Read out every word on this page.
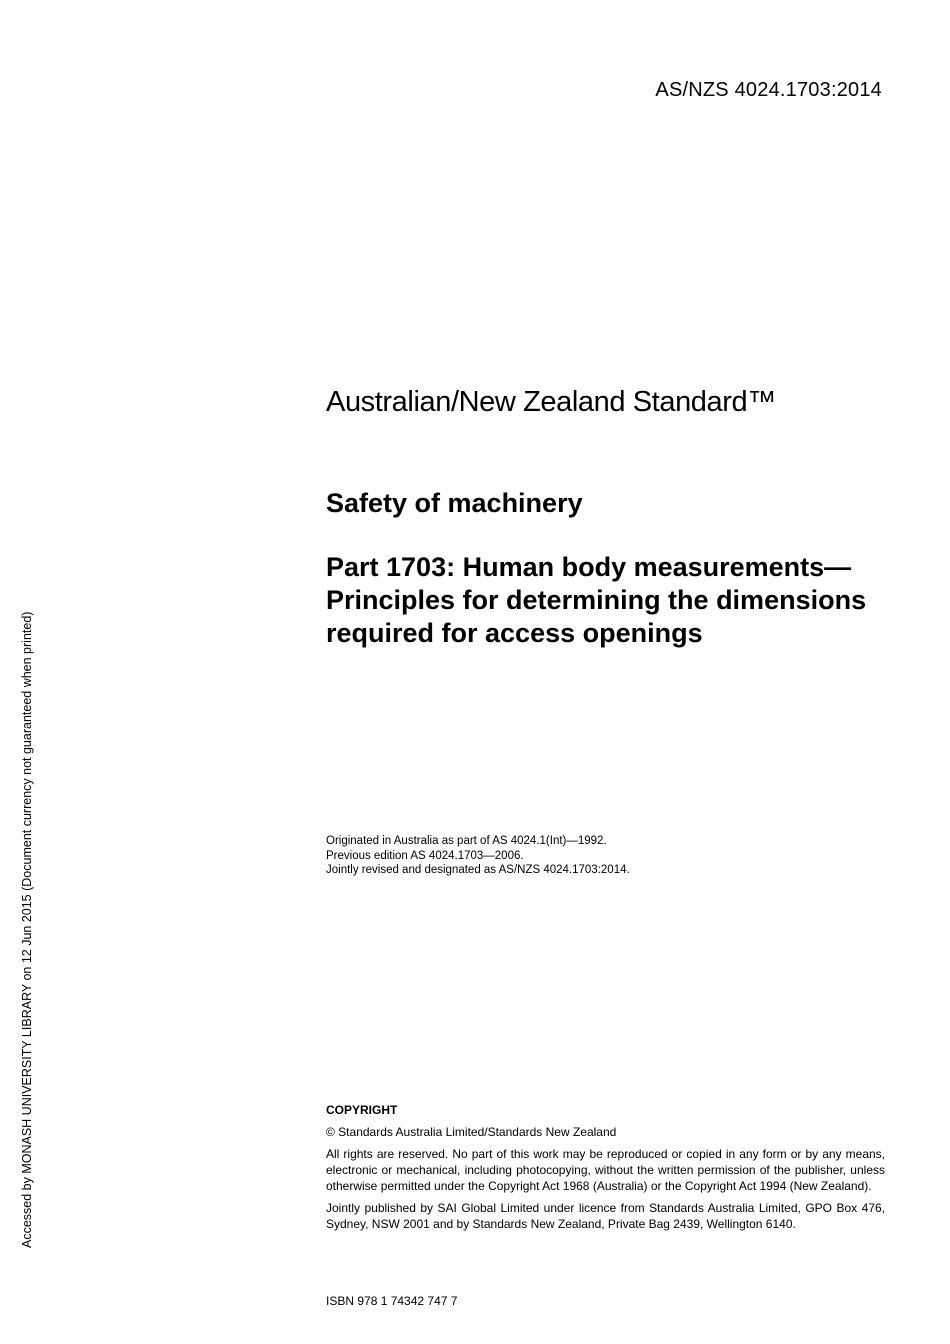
AS/NZS 4024.1703:2014
Accessed by MONASH UNIVERSITY LIBRARY on 12 Jun 2015 (Document currency not guaranteed when printed)
Australian/New Zealand Standard™
Safety of machinery
Part 1703: Human body measurements—Principles for determining the dimensions required for access openings
Originated in Australia as part of AS 4024.1(Int)—1992.
Previous edition AS 4024.1703—2006.
Jointly revised and designated as AS/NZS 4024.1703:2014.

COPYRIGHT

© Standards Australia Limited/Standards New Zealand

All rights are reserved. No part of this work may be reproduced or copied in any form or by any means, electronic or mechanical, including photocopying, without the written permission of the publisher, unless otherwise permitted under the Copyright Act 1968 (Australia) or the Copyright Act 1994 (New Zealand).

Jointly published by SAI Global Limited under licence from Standards Australia Limited, GPO Box 476, Sydney, NSW 2001 and by Standards New Zealand, Private Bag 2439, Wellington 6140.

ISBN 978 1 74342 747 7
